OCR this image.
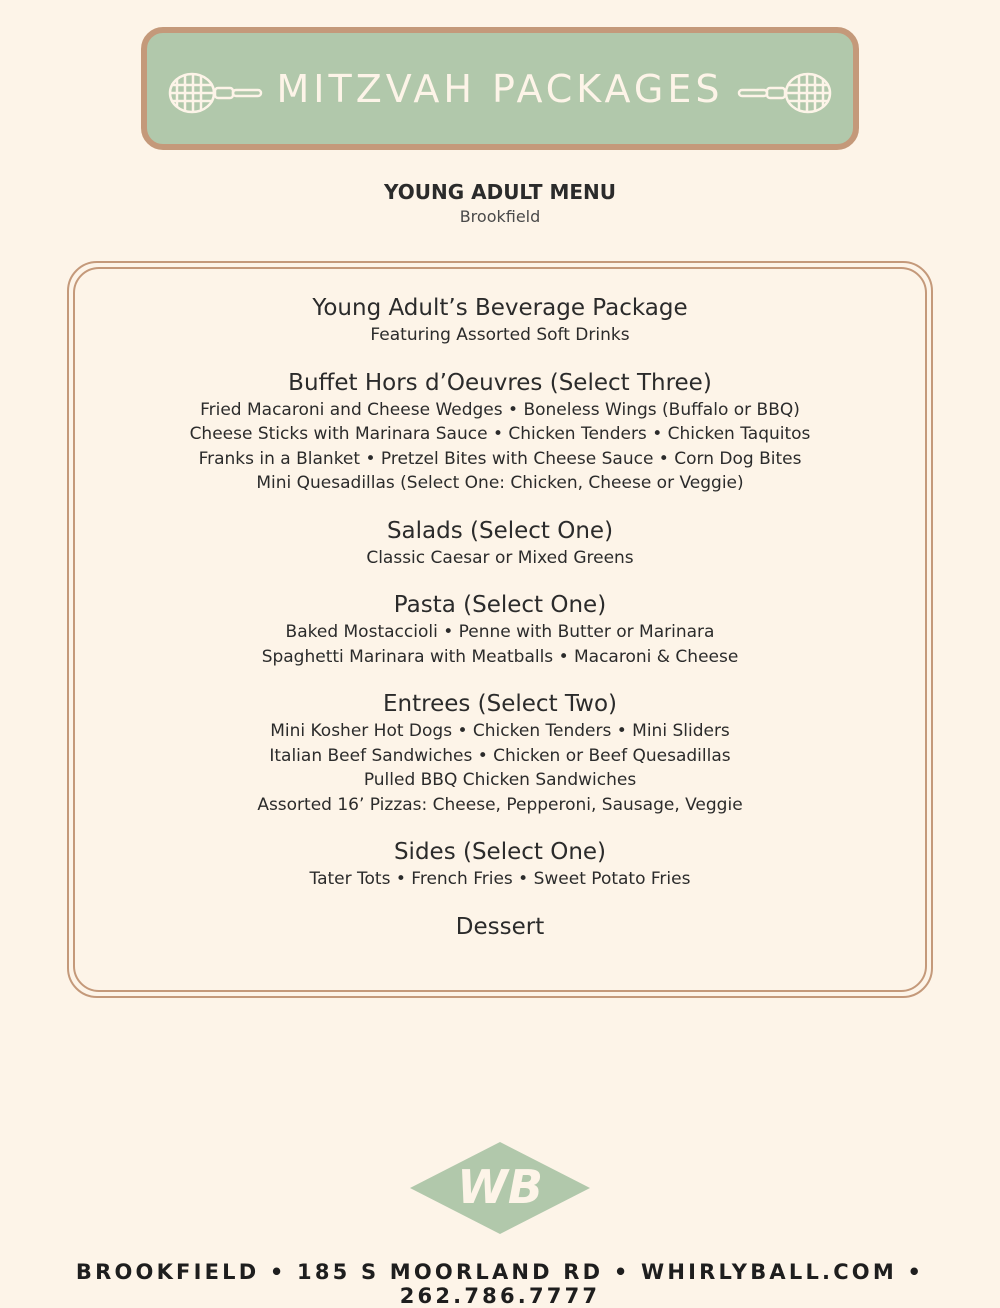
MITZVAH PACKAGES
YOUNG ADULT MENU
Brookfield
Young Adult’s Beverage Package
Featuring Assorted Soft Drinks
Buffet Hors d’Oeuvres (Select Three)
Fried Macaroni and Cheese Wedges • Boneless Wings (Buffalo or BBQ)
Cheese Sticks with Marinara Sauce • Chicken Tenders • Chicken Taquitos
Franks in a Blanket • Pretzel Bites with Cheese Sauce • Corn Dog Bites
Mini Quesadillas (Select One: Chicken, Cheese or Veggie)
Salads (Select One)
Classic Caesar or Mixed Greens
Pasta (Select One)
Baked Mostaccioli • Penne with Butter or Marinara
Spaghetti Marinara with Meatballs • Macaroni & Cheese
Entrees (Select Two)
Mini Kosher Hot Dogs • Chicken Tenders • Mini Sliders
Italian Beef Sandwiches • Chicken or Beef Quesadillas
Pulled BBQ Chicken Sandwiches
Assorted 16’ Pizzas: Cheese, Pepperoni, Sausage, Veggie
Sides (Select One)
Tater Tots • French Fries • Sweet Potato Fries
Dessert
WB
BROOKFIELD • 185 S MOORLAND RD • WHIRLYBALL.COM • 262.786.7777
